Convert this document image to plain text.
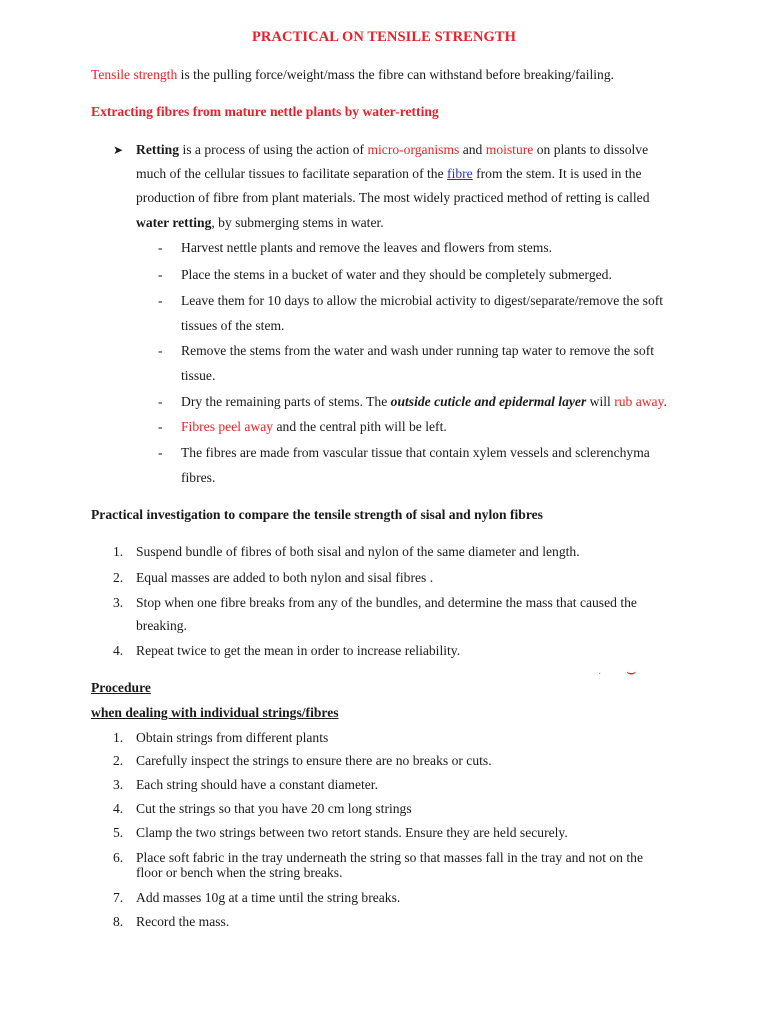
PRACTICAL ON TENSILE STRENGTH
Tensile strength is the pulling force/weight/mass the fibre can withstand before breaking/failing.
Extracting fibres from mature nettle plants by water-retting
➤ Retting is a process of using the action of micro-organisms and moisture on plants to dissolve
much of the cellular tissues to facilitate separation of the fibre from the stem. It is used in the
production of fibre from plant materials. The most widely practiced method of retting is called
water retting, by submerging stems in water.
- Harvest nettle plants and remove the leaves and flowers from stems.
- Place the stems in a bucket of water and they should be completely submerged.
- Leave them for 10 days to allow the microbial activity to digest/separate/remove the soft
tissues of the stem.
- Remove the stems from the water and wash under running tap water to remove the soft
tissue.
- Dry the remaining parts of stems. The outside cuticle and epidermal layer will rub away.
- Fibres peel away and the central pith will be left.
- The fibres are made from vascular tissue that contain xylem vessels and sclerenchyma
fibres.
Practical investigation to compare the tensile strength of sisal and nylon fibres
1. Suspend bundle of fibres of both sisal and nylon of the same diameter and length.
2. Equal masses are added to both nylon and sisal fibres .
3. Stop when one fibre breaks from any of the bundles, and determine the mass that caused the
breaking.
4. Repeat twice to get the mean in order to increase reliability.
· ⌢
Procedure
when dealing with individual strings/fibres
1. Obtain strings from different plants
2. Carefully inspect the strings to ensure there are no breaks or cuts.
3. Each string should have a constant diameter.
4. Cut the strings so that you have 20 cm long strings
5. Clamp the two strings between two retort stands. Ensure they are held securely.
6. Place soft fabric in the tray underneath the string so that masses fall in the tray and not on the
floor or bench when the string breaks.
7. Add masses 10g at a time until the string breaks.
8. Record the mass.
